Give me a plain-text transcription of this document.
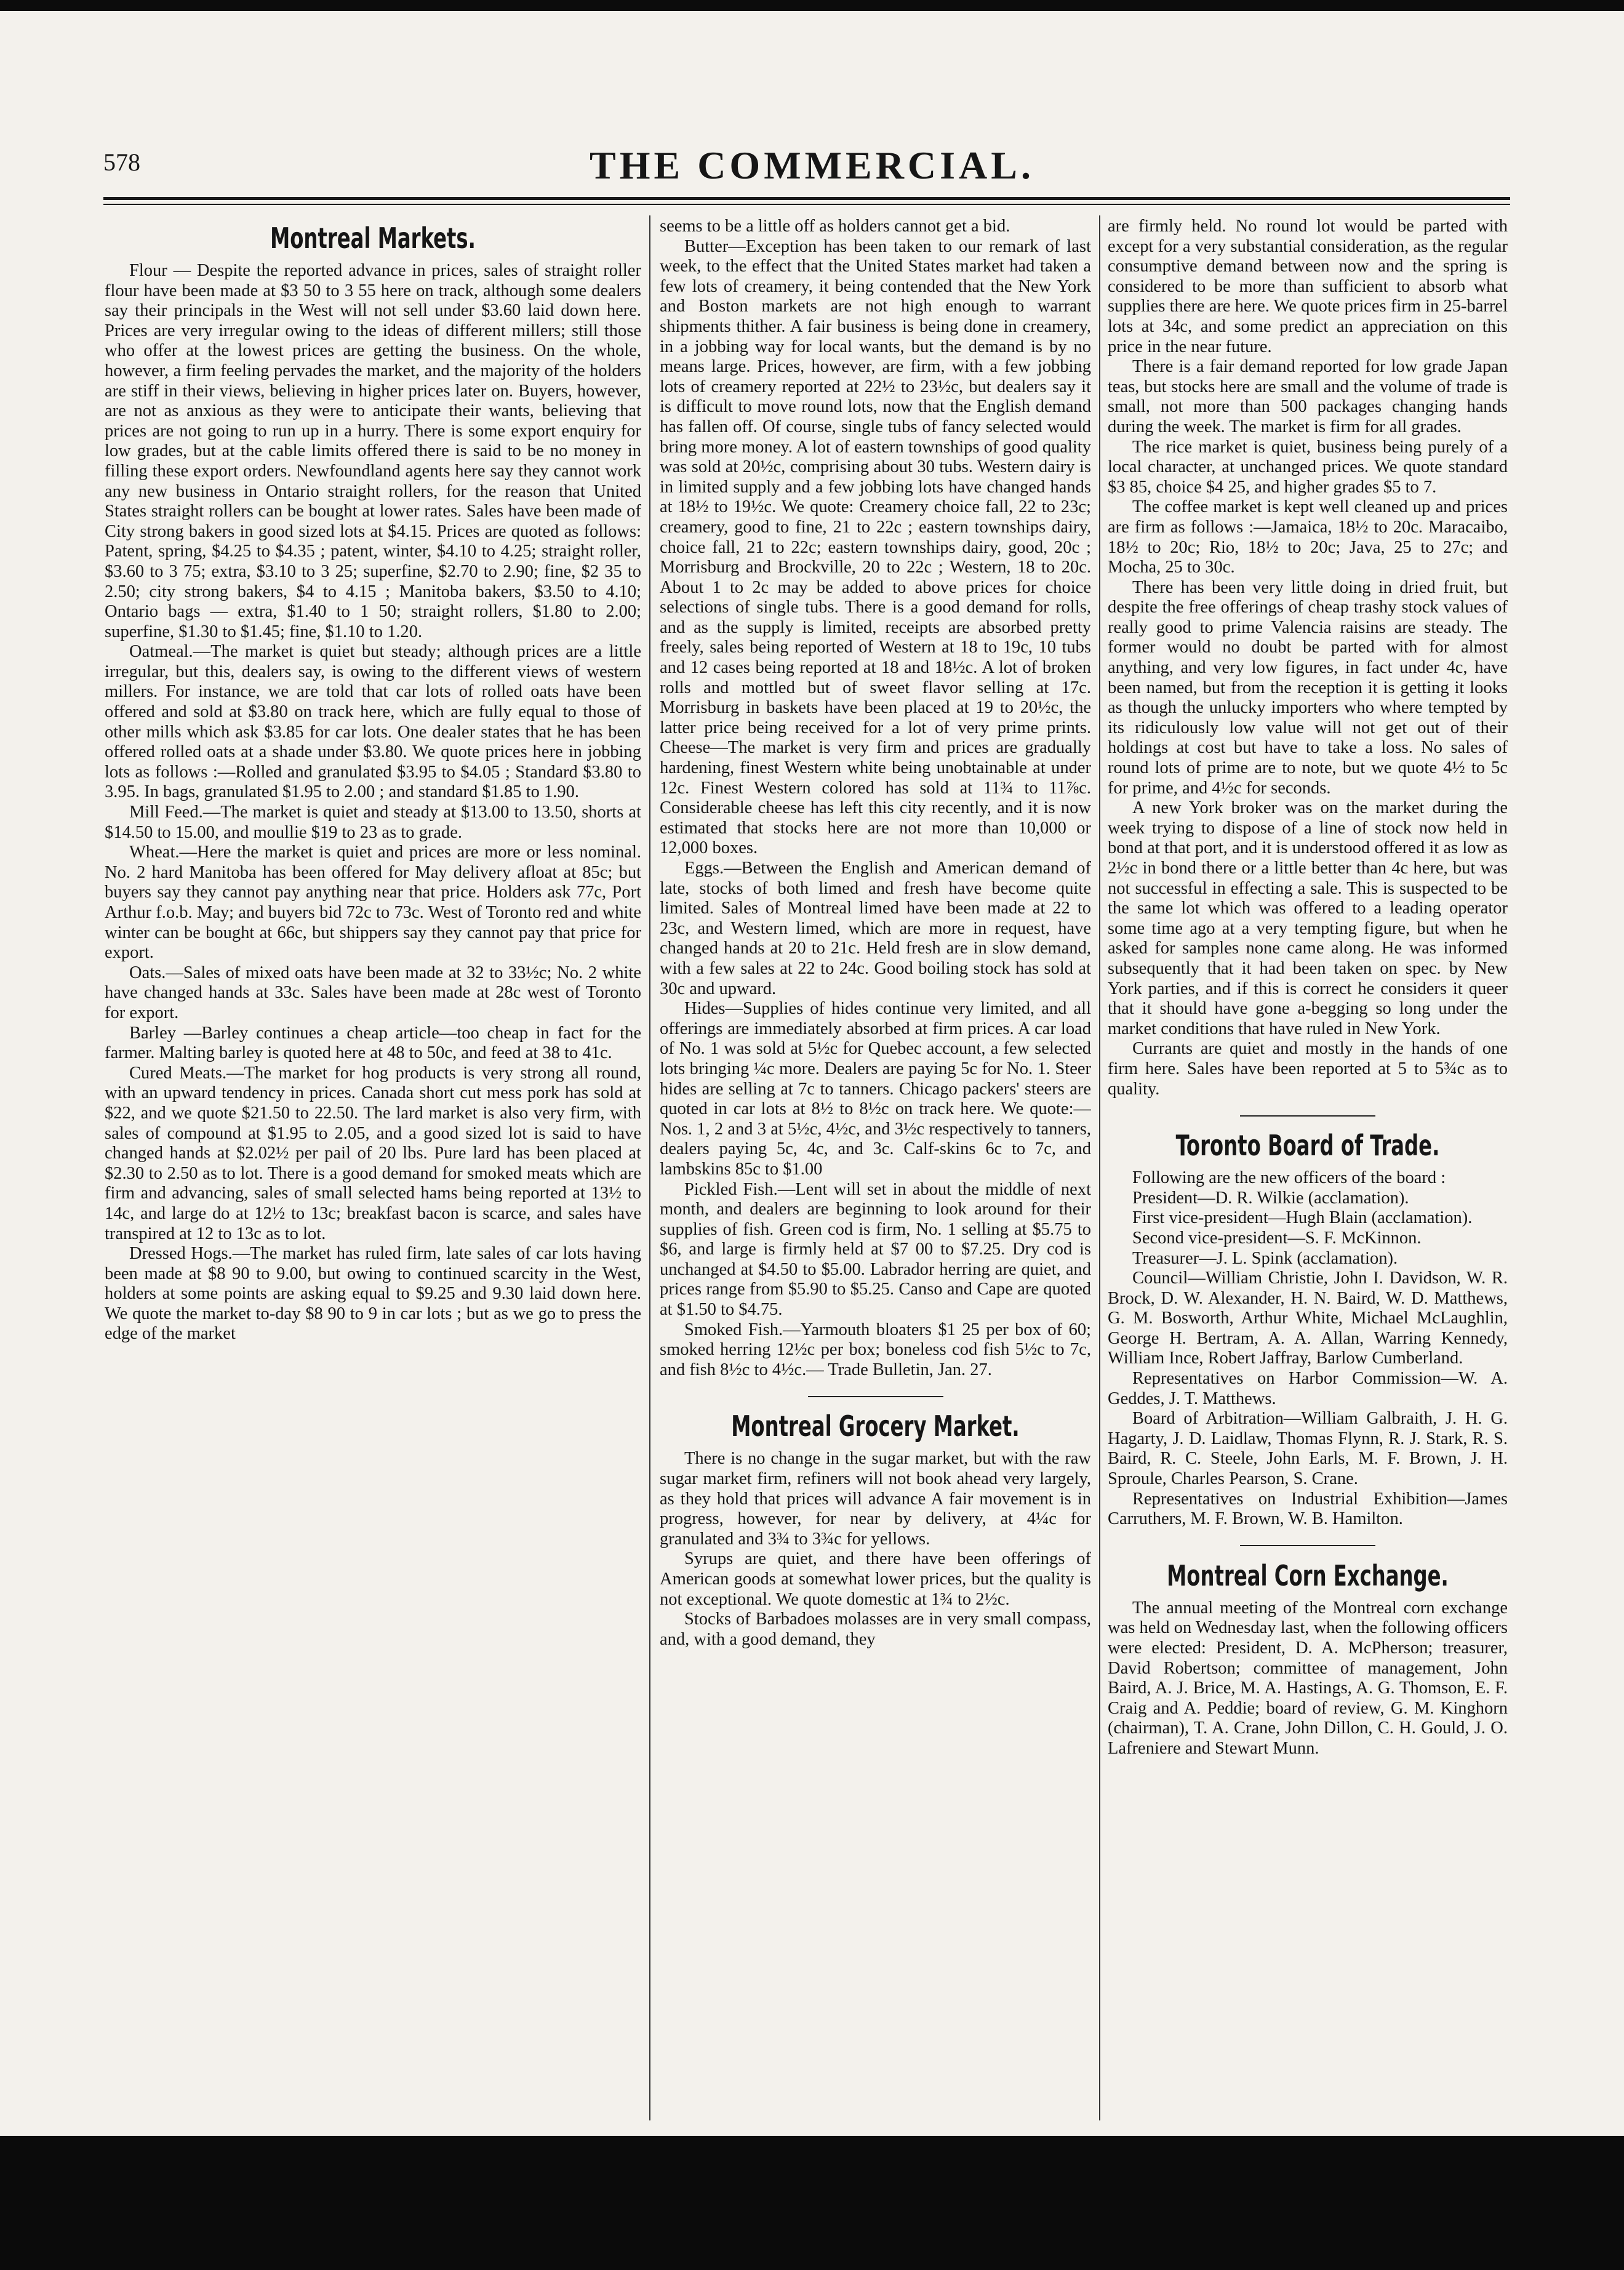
578	THE COMMERCIAL.
Montreal Markets.

Flour — Despite the reported advance in prices, sales of straight roller flour have been made at $3 50 to 3 55 here on track, although some dealers say their principals in the West will not sell under $3.60 laid down here. Prices are very irregular owing to the ideas of different millers; still those who offer at the lowest prices are getting the business. On the whole, however, a firm feeling pervades the market, and the majority of the holders are stiff in their views, believing in higher prices later on. Buyers, however, are not as anxious as they were to anticipate their wants, believing that prices are not going to run up in a hurry. There is some export enquiry for low grades, but at the cable limits offered there is said to be no money in filling these export orders. Newfoundland agents here say they cannot work any new business in Ontario straight rollers, for the reason that United States straight rollers can be bought at lower rates. Sales have been made of City strong bakers in good sized lots at $4.15. Prices are quoted as follows: Patent, spring, $4.25 to $4.35 ; patent, winter, $4.10 to 4.25; straight roller, $3.60 to 3 75; extra, $3.10 to 3 25; superfine, $2.70 to 2.90; fine, $2 35 to 2.50; city strong bakers, $4 to 4.15 ; Manitoba bakers, $3.50 to 4.10; Ontario bags — extra, $1.40 to 1 50; straight rollers, $1.80 to 2.00; superfine, $1.30 to $1.45; fine, $1.10 to 1.20.

Oatmeal.—The market is quiet but steady; although prices are a little irregular, but this, dealers say, is owing to the different views of western millers. For instance, we are told that car lots of rolled oats have been offered and sold at $3.80 on track here, which are fully equal to those of other mills which ask $3.85 for car lots. One dealer states that he has been offered rolled oats at a shade under $3.80. We quote prices here in jobbing lots as follows :—Rolled and granulated $3.95 to $4.05 ; Standard $3.80 to 3.95. In bags, granulated $1.95 to 2.00 ; and standard $1.85 to 1.90.

Mill Feed.—The market is quiet and steady at $13.00 to 13.50, shorts at $14.50 to 15.00, and moullie $19 to 23 as to grade.

Wheat.—Here the market is quiet and prices are more or less nominal. No. 2 hard Manitoba has been offered for May delivery afloat at 85c; but buyers say they cannot pay anything near that price. Holders ask 77c, Port Arthur f.o.b. May; and buyers bid 72c to 73c. West of Toronto red and white winter can be bought at 66c, but shippers say they cannot pay that price for export.

Oats.—Sales of mixed oats have been made at 32 to 33½c; No. 2 white have changed hands at 33c. Sales have been made at 28c west of Toronto for export.

Barley —Barley continues a cheap article—too cheap in fact for the farmer. Malting barley is quoted here at 48 to 50c, and feed at 38 to 41c.

Cured Meats.—The market for hog products is very strong all round, with an upward tendency in prices. Canada short cut mess pork has sold at $22, and we quote $21.50 to 22.50. The lard market is also very firm, with sales of compound at $1.95 to 2.05, and a good sized lot is said to have changed hands at $2.02½ per pail of 20 lbs. Pure lard has been placed at $2.30 to 2.50 as to lot. There is a good demand for smoked meats which are firm and advancing, sales of small selected hams being reported at 13½ to 14c, and large do at 12½ to 13c; breakfast bacon is scarce, and sales have transpired at 12 to 13c as to lot.

Dressed Hogs.—The market has ruled firm, late sales of car lots having been made at $8 90 to 9.00, but owing to continued scarcity in the West, holders at some points are asking equal to $9.25 and 9.30 laid down here. We quote the market to-day $8 90 to 9 in car lots ; but as we go to press the edge of the market

seems to be a little off as holders cannot get a bid.

Butter—Exception has been taken to our remark of last week, to the effect that the United States market had taken a few lots of creamery, it being contended that the New York and Boston markets are not high enough to warrant shipments thither. A fair business is being done in creamery, in a jobbing way for local wants, but the demand is by no means large. Prices, however, are firm, with a few jobbing lots of creamery reported at 22½ to 23½c, but dealers say it is difficult to move round lots, now that the English demand has fallen off. Of course, single tubs of fancy selected would bring more money. A lot of eastern townships of good quality was sold at 20½c, comprising about 30 tubs. Western dairy is in limited supply and a few jobbing lots have changed hands at 18½ to 19½c. We quote: Creamery choice fall, 22 to 23c; creamery, good to fine, 21 to 22c ; eastern townships dairy, choice fall, 21 to 22c; eastern townships dairy, good, 20c ; Morrisburg and Brockville, 20 to 22c ; Western, 18 to 20c. About 1 to 2c may be added to above prices for choice selections of single tubs. There is a good demand for rolls, and as the supply is limited, receipts are absorbed pretty freely, sales being reported of Western at 18 to 19c, 10 tubs and 12 cases being reported at 18 and 18½c. A lot of broken rolls and mottled but of sweet flavor selling at 17c. Morrisburg in baskets have been placed at 19 to 20½c, the latter price being received for a lot of very prime prints. Cheese—The market is very firm and prices are gradually hardening, finest Western white being unobtainable at under 12c. Finest Western colored has sold at 11¾ to 11⅞c. Considerable cheese has left this city recently, and it is now estimated that stocks here are not more than 10,000 or 12,000 boxes.

Eggs.—Between the English and American demand of late, stocks of both limed and fresh have become quite limited. Sales of Montreal limed have been made at 22 to 23c, and Western limed, which are more in request, have changed hands at 20 to 21c. Held fresh are in slow demand, with a few sales at 22 to 24c. Good boiling stock has sold at 30c and upward.

Hides—Supplies of hides continue very limited, and all offerings are immediately absorbed at firm prices. A car load of No. 1 was sold at 5½c for Quebec account, a few selected lots bringing ¼c more. Dealers are paying 5c for No. 1. Steer hides are selling at 7c to tanners. Chicago packers' steers are quoted in car lots at 8½ to 8½c on track here. We quote:—Nos. 1, 2 and 3 at 5½c, 4½c, and 3½c respectively to tanners, dealers paying 5c, 4c, and 3c. Calf-skins 6c to 7c, and lambskins 85c to $1.00

Pickled Fish.—Lent will set in about the middle of next month, and dealers are beginning to look around for their supplies of fish. Green cod is firm, No. 1 selling at $5.75 to $6, and large is firmly held at $7 00 to $7.25. Dry cod is unchanged at $4.50 to $5.00. Labrador herring are quiet, and prices range from $5.90 to $5.25. Canso and Cape are quoted at $1.50 to $4.75.

Smoked Fish.—Yarmouth bloaters $1 25 per box of 60; smoked herring 12½c per box; boneless cod fish 5½c to 7c, and fish 8½c to 4½c.— Trade Bulletin, Jan. 27.

Montreal Grocery Market.

There is no change in the sugar market, but with the raw sugar market firm, refiners will not book ahead very largely, as they hold that prices will advance A fair movement is in progress, however, for near by delivery, at 4¼c for granulated and 3¾ to 3¾c for yellows.

Syrups are quiet, and there have been offerings of American goods at somewhat lower prices, but the quality is not exceptional. We quote domestic at 1¾ to 2½c.

Stocks of Barbadoes molasses are in very small compass, and, with a good demand, they

are firmly held. No round lot would be parted with except for a very substantial consideration, as the regular consumptive demand between now and the spring is considered to be more than sufficient to absorb what supplies there are here. We quote prices firm in 25-barrel lots at 34c, and some predict an appreciation on this price in the near future.

There is a fair demand reported for low grade Japan teas, but stocks here are small and the volume of trade is small, not more than 500 packages changing hands during the week. The market is firm for all grades.

The rice market is quiet, business being purely of a local character, at unchanged prices. We quote standard $3 85, choice $4 25, and higher grades $5 to 7.

The coffee market is kept well cleaned up and prices are firm as follows :—Jamaica, 18½ to 20c. Maracaibo, 18½ to 20c; Rio, 18½ to 20c; Java, 25 to 27c; and Mocha, 25 to 30c.

There has been very little doing in dried fruit, but despite the free offerings of cheap trashy stock values of really good to prime Valencia raisins are steady. The former would no doubt be parted with for almost anything, and very low figures, in fact under 4c, have been named, but from the reception it is getting it looks as though the unlucky importers who where tempted by its ridiculously low value will not get out of their holdings at cost but have to take a loss. No sales of round lots of prime are to note, but we quote 4½ to 5c for prime, and 4½c for seconds.

A new York broker was on the market during the week trying to dispose of a line of stock now held in bond at that port, and it is understood offered it as low as 2½c in bond there or a little better than 4c here, but was not successful in effecting a sale. This is suspected to be the same lot which was offered to a leading operator some time ago at a very tempting figure, but when he asked for samples none came along. He was informed subsequently that it had been taken on spec. by New York parties, and if this is correct he considers it queer that it should have gone a-begging so long under the market conditions that have ruled in New York.

Currants are quiet and mostly in the hands of one firm here. Sales have been reported at 5 to 5¾c as to quality.

Toronto Board of Trade.

Following are the new officers of the board :

President—D. R. Wilkie (acclamation).

First vice-president—Hugh Blain (acclamation).

Second vice-president—S. F. McKinnon.

Treasurer—J. L. Spink (acclamation).

Council—William Christie, John I. Davidson, W. R. Brock, D. W. Alexander, H. N. Baird, W. D. Matthews, G. M. Bosworth, Arthur White, Michael McLaughlin, George H. Bertram, A. A. Allan, Warring Kennedy, William Ince, Robert Jaffray, Barlow Cumberland.

Representatives on Harbor Commission—W. A. Geddes, J. T. Matthews.

Board of Arbitration—William Galbraith, J. H. G. Hagarty, J. D. Laidlaw, Thomas Flynn, R. J. Stark, R. S. Baird, R. C. Steele, John Earls, M. F. Brown, J. H. Sproule, Charles Pearson, S. Crane.

Representatives on Industrial Exhibition—James Carruthers, M. F. Brown, W. B. Hamilton.

Montreal Corn Exchange.

The annual meeting of the Montreal corn exchange was held on Wednesday last, when the following officers were elected: President, D. A. McPherson; treasurer, David Robertson; committee of management, John Baird, A. J. Brice, M. A. Hastings, A. G. Thomson, E. F. Craig and A. Peddie; board of review, G. M. Kinghorn (chairman), T. A. Crane, John Dillon, C. H. Gould, J. O. Lafreniere and Stewart Munn.
